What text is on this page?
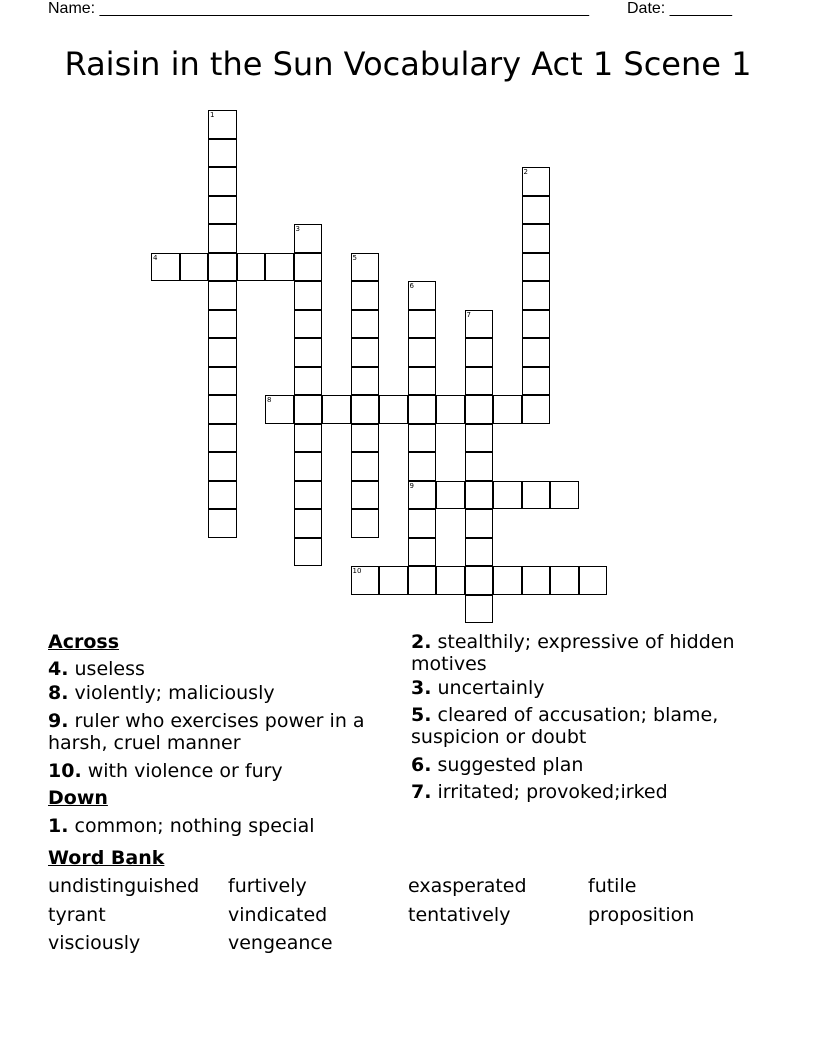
Name: _______________________________________________________ Date: _______
Raisin in the Sun Vocabulary Act 1 Scene 1
1
2
3
4	5
6
9
7
8
10
Across
4. useless
8. violently; maliciously
9. ruler who exercises power in a harsh, cruel manner
10. with violence or fury
Down
1. common; nothing special
2. stealthily; expressive of hidden motives
3. uncertainly
5. cleared of accusation; blame, suspicion or doubt
6. suggested plan
7. irritated; provoked;irked
Word Bank
undistinguished furtively	exasperated	futile
tyrant	vindicated	tentatively	proposition
visciously	vengeance
